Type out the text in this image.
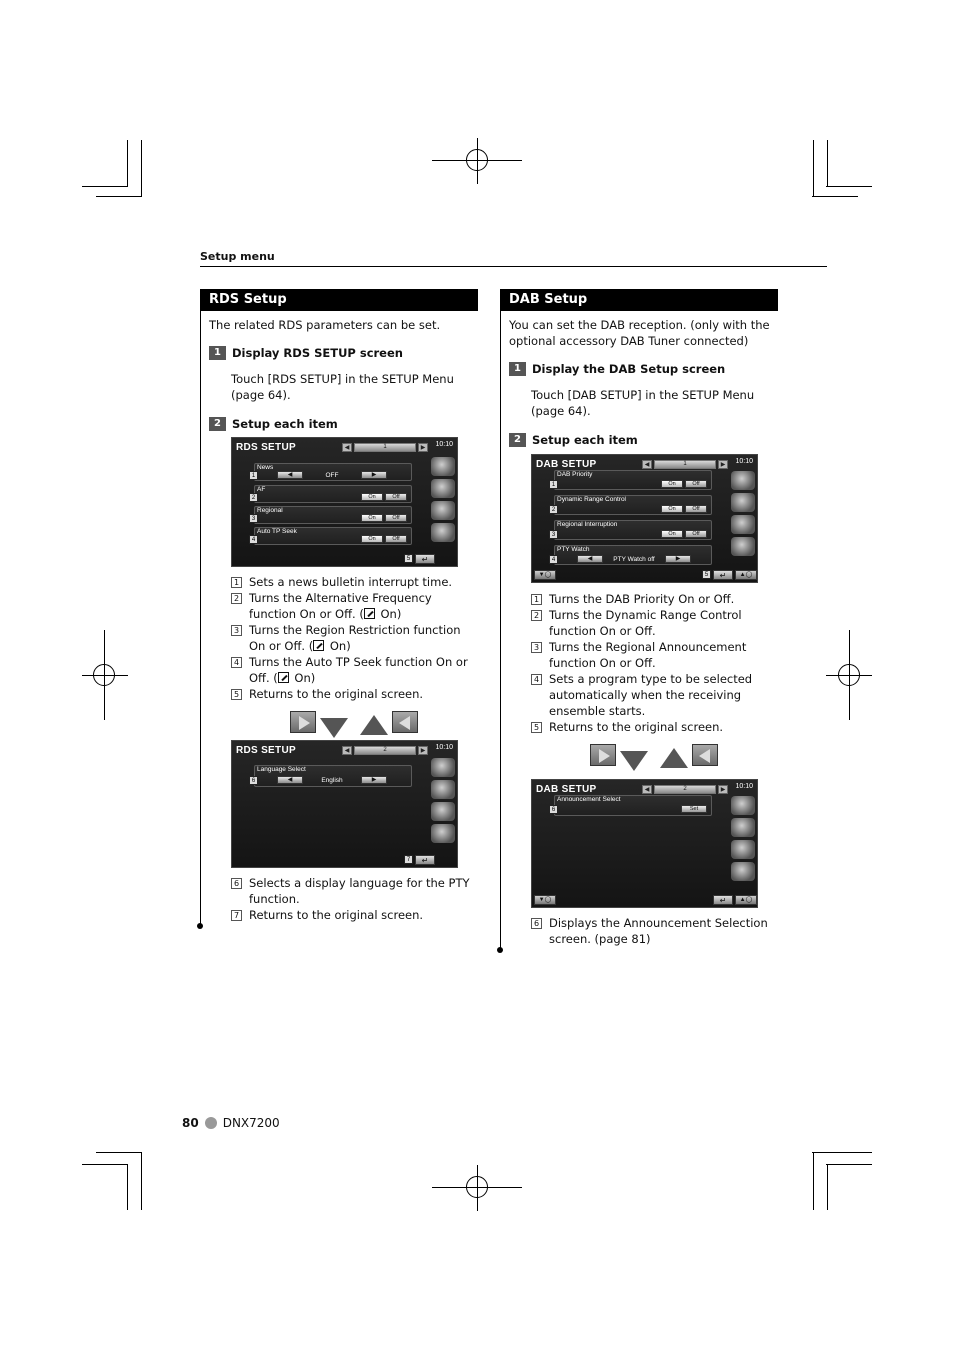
Setup menu
RDS Setup
The related RDS parameters can be set.
1 Display RDS SETUP screen
Touch [RDS SETUP] in the SETUP Menu (page 64).
2 Setup each item
RDS SETUP	◀	1	▶	10:10
News
1	◀	OFF	▶
AF
2	On	Off
Regional
3	On	Off
Auto TP Seek
4	On	Off
5	↵
1 Sets a news bulletin interrupt time.
2 Turns the Alternative Frequency function On or Off. ( On)
3 Turns the Region Restriction function On or Off. ( On)
4 Turns the Auto TP Seek function On or Off. ( On)
5 Returns to the original screen.
RDS SETUP	◀	2	▶	10:10
Language Select
6	◀	English	▶
7	↵
6 Selects a display language for the PTY function.
7 Returns to the original screen.
DAB Setup
You can set the DAB reception. (only with the optional accessory DAB Tuner connected)
1 Display the DAB Setup screen
Touch [DAB SETUP] in the SETUP Menu (page 64).
2 Setup each item
DAB SETUP	◀	1	▶	10:10
DAB Priority
1	On	Off
Dynamic Range Control
2	On	Off
Regional Interruption
3	On	Off
PTY Watch
4	◀	PTY Watch off	▶
▼◯	5	↵	▲◯
1 Turns the DAB Priority On or Off.
2 Turns the Dynamic Range Control function On or Off.
3 Turns the Regional Announcement function On or Off.
4 Sets a program type to be selected automatically when the receiving ensemble starts.
5 Returns to the original screen.
DAB SETUP	◀	2	▶	10:10
Announcement Select
6	Set
▼◯	↵	▲◯
6 Displays the Announcement Selection screen. (page 81)
80 DNX7200
